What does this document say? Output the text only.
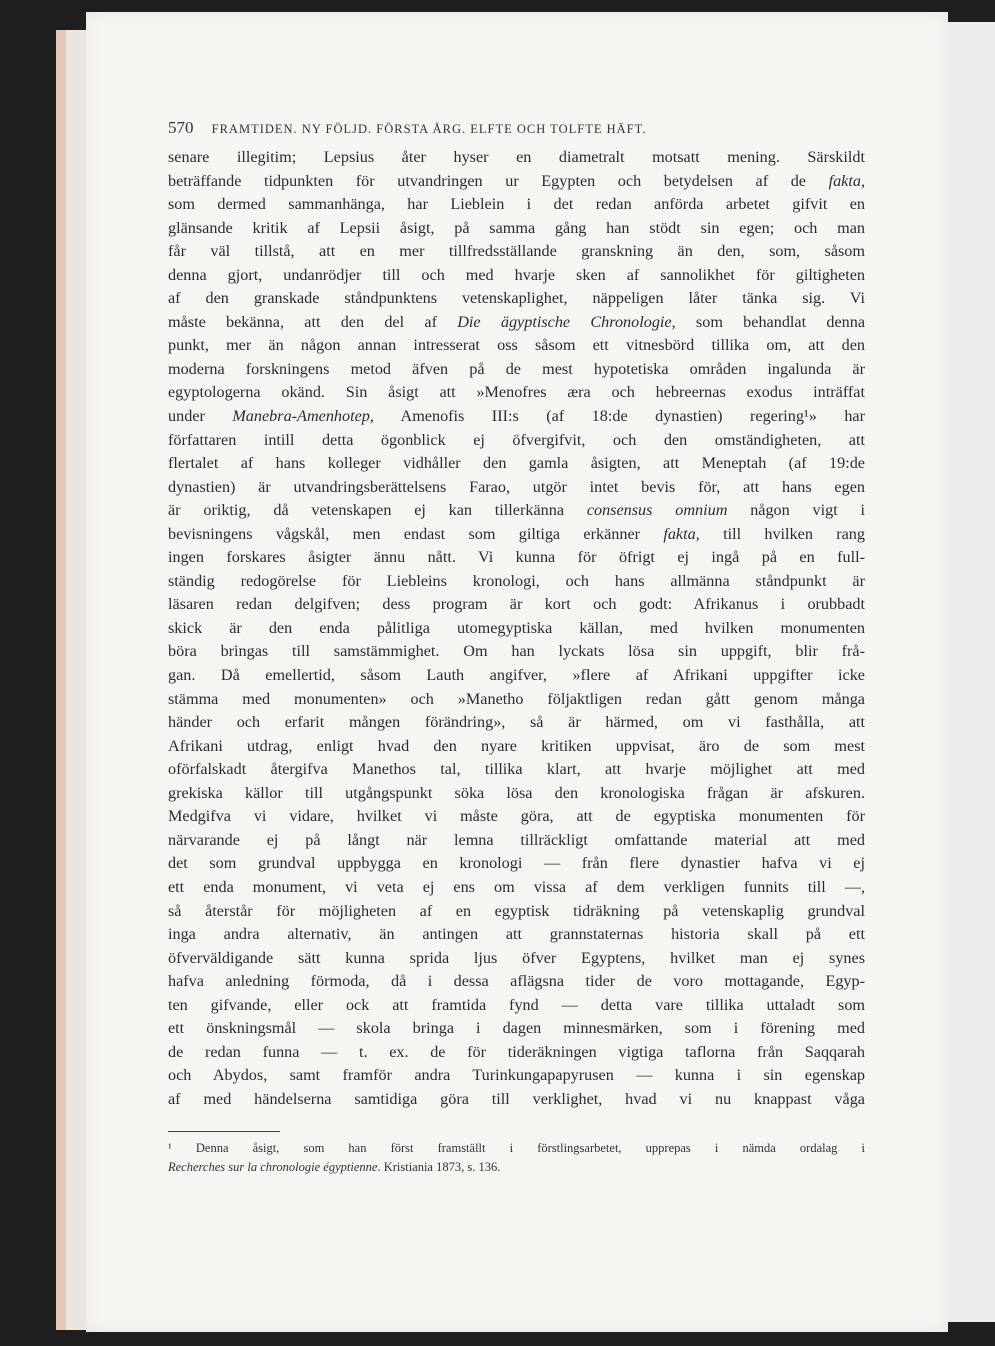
570 FRAMTIDEN. NY FÖLJD. FÖRSTA ÅRG. ELFTE OCH TOLFTE HÄFT.
senare illegitim; Lepsius åter hyser en diametralt motsatt mening. Särskildt
beträffande tidpunkten för utvandringen ur Egypten och betydelsen af de fakta,
som dermed sammanhänga, har Lieblein i det redan anförda arbetet gifvit en
glänsande kritik af Lepsii åsigt, på samma gång han stödt sin egen; och man
får väl tillstå, att en mer tillfredsställande granskning än den, som, såsom
denna gjort, undanrödjer till och med hvarje sken af sannolikhet för giltigheten
af den granskade ståndpunktens vetenskaplighet, näppeligen låter tänka sig. Vi
måste bekänna, att den del af Die ägyptische Chronologie, som behandlat denna
punkt, mer än någon annan intresserat oss såsom ett vitnesbörd tillika om, att den
moderna forskningens metod äfven på de mest hypotetiska områden ingalunda är
egyptologerna okänd. Sin åsigt att »Menofres æra och hebreernas exodus inträffat
under Manebra-Amenhotep, Amenofis III:s (af 18:de dynastien) regering¹» har
författaren intill detta ögonblick ej öfvergifvit, och den omständigheten, att
flertalet af hans kolleger vidhåller den gamla åsigten, att Meneptah (af 19:de
dynastien) är utvandringsberättelsens Farao, utgör intet bevis för, att hans egen
är oriktig, då vetenskapen ej kan tillerkänna consensus omnium någon vigt i
bevisningens vågskål, men endast som giltiga erkänner fakta, till hvilken rang
ingen forskares åsigter ännu nått. Vi kunna för öfrigt ej ingå på en full-
ständig redogörelse för Liebleins kronologi, och hans allmänna ståndpunkt är
läsaren redan delgifven; dess program är kort och godt: Afrikanus i orubbadt
skick är den enda pålitliga utomegyptiska källan, med hvilken monumenten
böra bringas till samstämmighet. Om han lyckats lösa sin uppgift, blir frå-
gan. Då emellertid, såsom Lauth angifver, »flere af Afrikani uppgifter icke
stämma med monumenten» och »Manetho följaktligen redan gått genom många
händer och erfarit mången förändring», så är härmed, om vi fasthålla, att
Afrikani utdrag, enligt hvad den nyare kritiken uppvisat, äro de som mest
oförfalskadt återgifva Manethos tal, tillika klart, att hvarje möjlighet att med
grekiska källor till utgångspunkt söka lösa den kronologiska frågan är afskuren.
Medgifva vi vidare, hvilket vi måste göra, att de egyptiska monumenten för
närvarande ej på långt när lemna tillräckligt omfattande material att med
det som grundval uppbygga en kronologi — från flere dynastier hafva vi ej
ett enda monument, vi veta ej ens om vissa af dem verkligen funnits till —,
så återstår för möjligheten af en egyptisk tidräkning på vetenskaplig grundval
inga andra alternativ, än antingen att grannstaternas historia skall på ett
öfverväldigande sätt kunna sprida ljus öfver Egyptens, hvilket man ej synes
hafva anledning förmoda, då i dessa aflägsna tider de voro mottagande, Egyp-
ten gifvande, eller ock att framtida fynd — detta vare tillika uttaladt som
ett önskningsmål — skola bringa i dagen minnesmärken, som i förening med
de redan funna — t. ex. de för tideräkningen vigtiga taflorna från Saqqarah
och Abydos, samt framför andra Turinkungapapyrusen — kunna i sin egenskap
af med händelserna samtidiga göra till verklighet, hvad vi nu knappast våga
¹ Denna åsigt, som han först framställt i förstlingsarbetet, upprepas i nämda ordalag i
Recherches sur la chronologie égyptienne. Kristiania 1873, s. 136.
